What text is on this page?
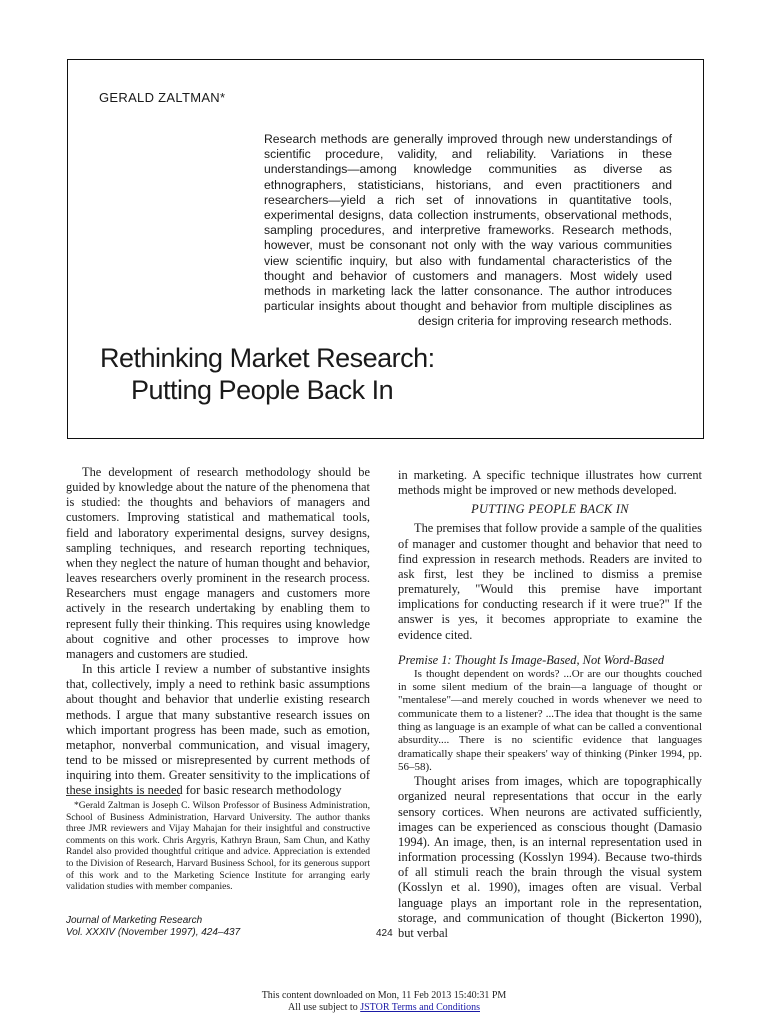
GERALD ZALTMAN*
Research methods are generally improved through new understandings of scientific procedure, validity, and reliability. Variations in these understandings—among knowledge communities as diverse as ethnographers, statisticians, historians, and even practitioners and researchers—yield a rich set of innovations in quantitative tools, experimental designs, data collection instruments, observational methods, sampling procedures, and interpretive frameworks. Research methods, however, must be consonant not only with the way various communities view scientific inquiry, but also with fundamental characteristics of the thought and behavior of customers and managers. Most widely used methods in marketing lack the latter consonance. The author introduces particular insights about thought and behavior from multiple disciplines as design criteria for improving research methods.
Rethinking Market Research:
Putting People Back In

The development of research methodology should be guided by knowledge about the nature of the phenomena that is studied: the thoughts and behaviors of managers and customers. Improving statistical and mathematical tools, field and laboratory experimental designs, survey designs, sampling techniques, and research reporting techniques, when they neglect the nature of human thought and behavior, leaves researchers overly prominent in the research process. Researchers must engage managers and customers more actively in the research undertaking by enabling them to represent fully their thinking. This requires using knowledge about cognitive and other processes to improve how managers and customers are studied.

In this article I review a number of substantive insights that, collectively, imply a need to rethink basic assumptions about thought and behavior that underlie existing research methods. I argue that many substantive research issues on which important progress has been made, such as emotion, metaphor, nonverbal communication, and visual imagery, tend to be missed or misrepresented by current methods of inquiring into them. Greater sensitivity to the implications of these insights is needed for basic research methodology

*Gerald Zaltman is Joseph C. Wilson Professor of Business Administration, School of Business Administration, Harvard University. The author thanks three JMR reviewers and Vijay Mahajan for their insightful and constructive comments on this work. Chris Argyris, Kathryn Braun, Sam Chun, and Kathy Randel also provided thoughtful critique and advice. Appreciation is extended to the Division of Research, Harvard Business School, for its generous support of this work and to the Marketing Science Institute for arranging early validation studies with member companies.

in marketing. A specific technique illustrates how current methods might be improved or new methods developed.

PUTTING PEOPLE BACK IN

The premises that follow provide a sample of the qualities of manager and customer thought and behavior that need to find expression in research methods. Readers are invited to ask first, lest they be inclined to dismiss a premise prematurely, "Would this premise have important implications for conducting research if it were true?" If the answer is yes, it becomes appropriate to examine the evidence cited.

Premise 1: Thought Is Image-Based, Not Word-Based

Is thought dependent on words? ...Or are our thoughts couched in some silent medium of the brain—a language of thought or "mentalese"—and merely couched in words whenever we need to communicate them to a listener? ...The idea that thought is the same thing as language is an example of what can be called a conventional absurdity.... There is no scientific evidence that languages dramatically shape their speakers' way of thinking (Pinker 1994, pp. 56–58).

Thought arises from images, which are topographically organized neural representations that occur in the early sensory cortices. When neurons are activated sufficiently, images can be experienced as conscious thought (Damasio 1994). An image, then, is an internal representation used in information processing (Kosslyn 1994). Because two-thirds of all stimuli reach the brain through the visual system (Kosslyn et al. 1990), images often are visual. Verbal language plays an important role in the representation, storage, and communication of thought (Bickerton 1990), but verbal

Journal of Marketing Research
Vol. XXXIV (November 1997), 424–437	424
This content downloaded on Mon, 11 Feb 2013 15:40:31 PM
All use subject to JSTOR Terms and Conditions
